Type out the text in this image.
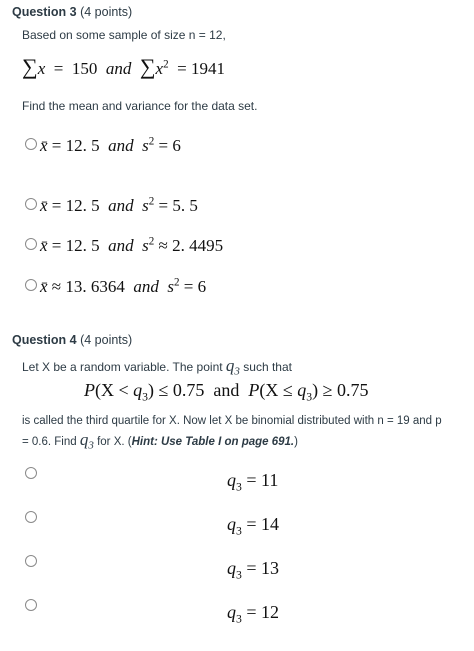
Question 3 (4 points)
Based on some sample of size n = 12,
∑x  =  150 and $\sum x^2 = 1941$
Find the mean and variance for the data set.
x̄ = 12. 5 and $s^2 = 6$
x̄ = 12. 5 and $s^2 = 5$. 5
x̄ = 12. 5 and $s^2 \approx 2$. 4495
x̄ ≈ 13. 6364 and $s^2 = 6$
Question 4 (4 points)
Let X be a random variable. The point $q_3$ such that
$P(X < q_3) \le 0.75$ and $P(X \le q_3) \ge 0.75$
is called the third quartile for X. Now let X be binomial distributed with n = 19 and p
= 0.6. Find $q_3$ for X. (Hint: Use Table I on page 691.)
$q_3 = 11$
$q_3 = 14$
$q_3 = 13$
$q_3 = 12$
